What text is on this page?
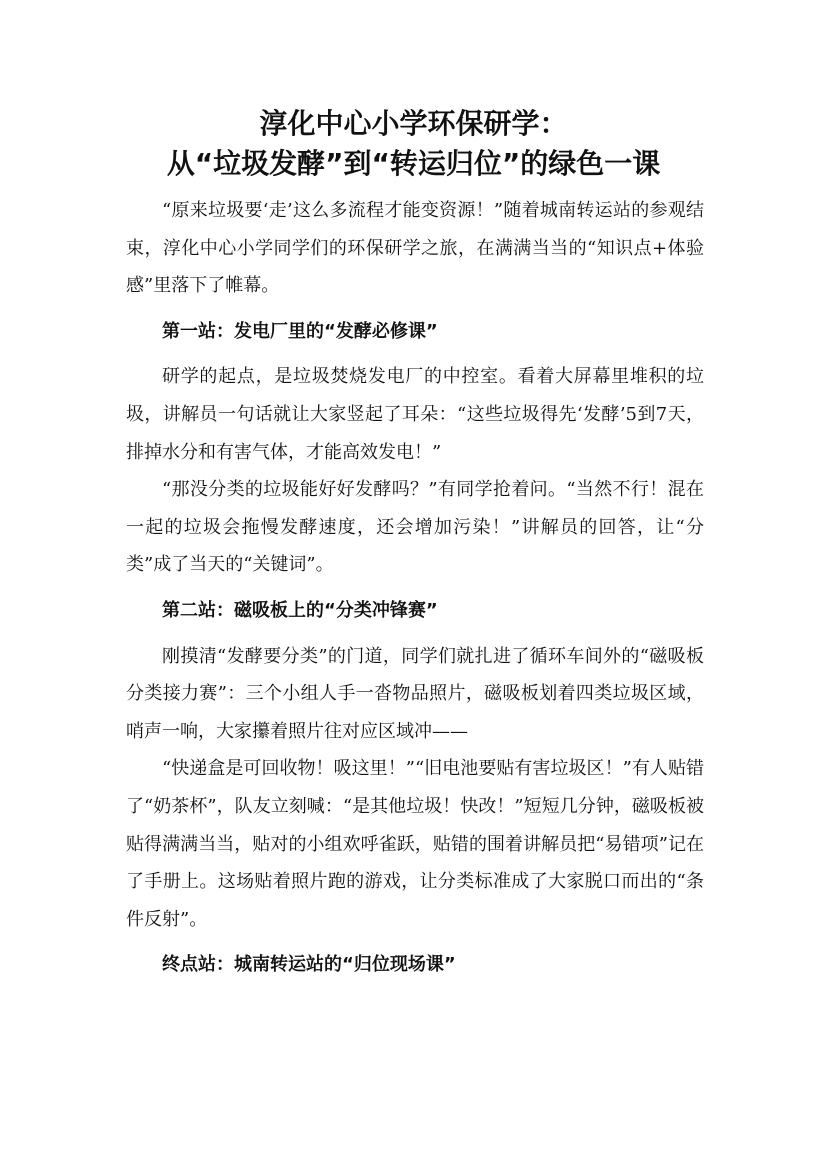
淳化中心小学环保研学：
从“垃圾发酵”到“转运归位”的绿色一课

“原来垃圾要‘走’这么多流程才能变资源！”随着城南转运站的参观结束，淳化中心小学同学们的环保研学之旅，在满满当当的“知识点+体验感”里落下了帷幕。

第一站：发电厂里的“发酵必修课”

研学的起点，是垃圾焚烧发电厂的中控室。看着大屏幕里堆积的垃圾，讲解员一句话就让大家竖起了耳朵：“这些垃圾得先‘发酵’5到7天，排掉水分和有害气体，才能高效发电！”

“那没分类的垃圾能好好发酵吗？”有同学抢着问。“当然不行！混在一起的垃圾会拖慢发酵速度，还会增加污染！”讲解员的回答，让“分类”成了当天的“关键词”。

第二站：磁吸板上的“分类冲锋赛”

刚摸清“发酵要分类”的门道，同学们就扎进了循环车间外的“磁吸板分类接力赛”：三个小组人手一沓物品照片，磁吸板划着四类垃圾区域，哨声一响，大家攥着照片往对应区域冲——

“快递盒是可回收物！吸这里！”“旧电池要贴有害垃圾区！”有人贴错了“奶茶杯”，队友立刻喊：“是其他垃圾！快改！”短短几分钟，磁吸板被贴得满满当当，贴对的小组欢呼雀跃，贴错的围着讲解员把“易错项”记在了手册上。这场贴着照片跑的游戏，让分类标准成了大家脱口而出的“条件反射”。

终点站：城南转运站的“归位现场课”
